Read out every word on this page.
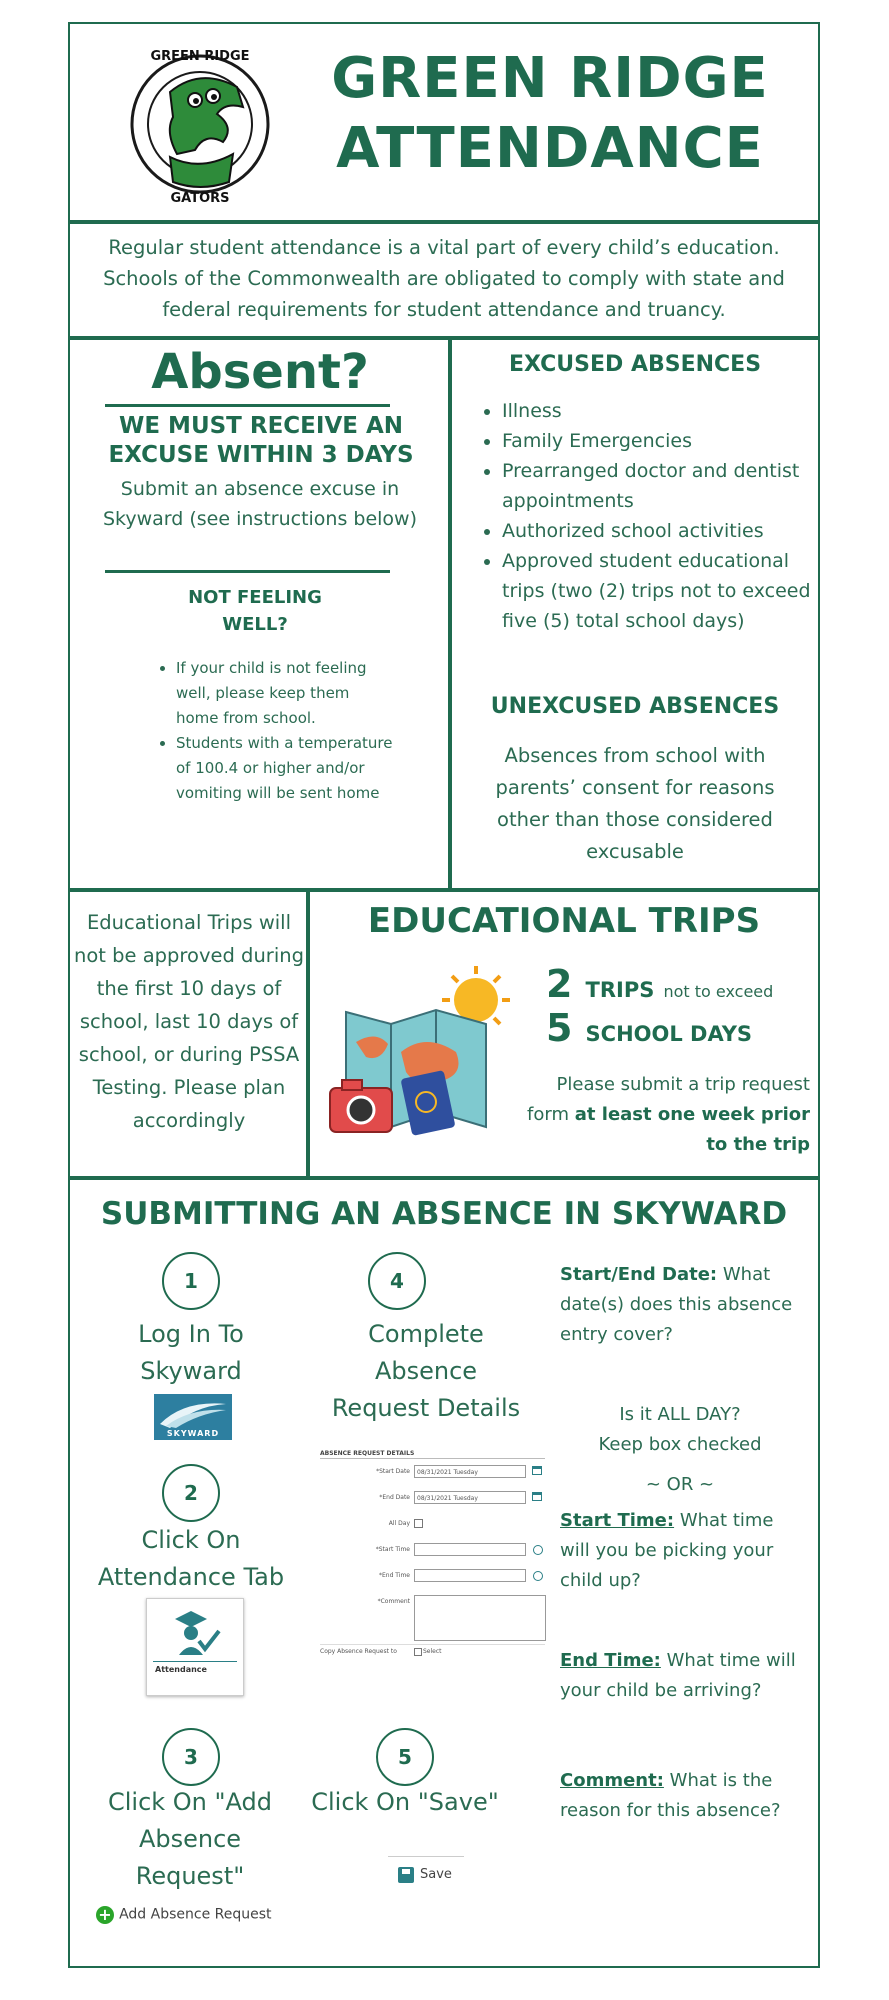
GREEN RIDGE
GATORS
GREEN RIDGE
ATTENDANCE
Regular student attendance is a vital part of every child’s education. Schools of the Commonwealth are obligated to comply with state and federal requirements for student attendance and truancy.
Absent?
WE MUST RECEIVE AN EXCUSE WITHIN 3 DAYS
Submit an absence excuse in Skyward (see instructions below)
NOT FEELING WELL?
• If your child is not feeling well, please keep them home from school.
• Students with a temperature of 100.4 or higher and/or vomiting will be sent home
EXCUSED ABSENCES
• Illness
• Family Emergencies
• Prearranged doctor and dentist appointments
• Authorized school activities
• Approved student educational trips (two (2) trips not to exceed five (5) total school days)
UNEXCUSED ABSENCES
Absences from school with parents’ consent for reasons other than those considered excusable
Educational Trips will not be approved during the first 10 days of school, last 10 days of school, or during PSSA Testing. Please plan accordingly
EDUCATIONAL TRIPS
2 TRIPS not to exceed
5 SCHOOL DAYS
Please submit a trip request form at least one week prior to the trip
SUBMITTING AN ABSENCE IN SKYWARD
1
Log In To Skyward
SKYWARD
2
Click On Attendance Tab
Attendance
3
Click On "Add Absence Request"
+ Add Absence Request
4
Complete Absence Request Details
ABSENCE REQUEST DETAILS
*Start Date	08/31/2021 Tuesday
*End Date	08/31/2021 Tuesday
All Day
*Start Time
*End Time
*Comment
Copy Absence Request to	Select
5
Click On "Save"
Save
Start/End Date: What date(s) does this absence entry cover?
Is it ALL DAY?
Keep box checked
~ OR ~
Start Time: What time will you be picking your child up?
End Time: What time will your child be arriving?
Comment: What is the reason for this absence?
